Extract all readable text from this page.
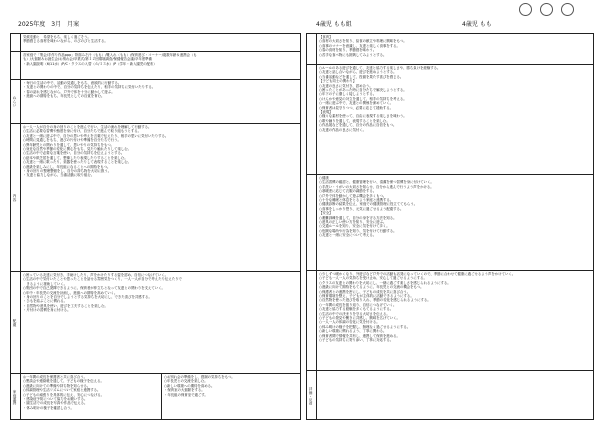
2025年度　3月　月案	4歳児 もも組	4歳児 もも
気候変動と　希望をもち、楽しく過ごそう。
季節感じる食材を味わいながら、のびのびと生活する。
各家庭で「集会/手作り作品ppp」背面みそ汁（もも）/靴入れ（もも）/保育遊び・コーナー/複数年齢＆連携会（も
も）/大掃除＆お誕生会/お別れ会/卒業式/第１２回環境調査/保健報告会議/卒年度準備
・新入園説明（6/11水）/P/C・クラスの入替（６/１３水）/P（学年・新入園児の配布）
ねらい
・毎日の生活の中で、活動の見通しをもち、意欲的に行動する。
・友達との関わりの中で、自分の気持ちを伝えたり、相手の気持ちに気付いたりする。
・春の訪れを感じながら、戸外で体を十分に動かして遊ぶ。
・進級への期待をもち、年長児としての自覚を育む。
内容
◎一人一人が自分の身の回りのことを進んで行い、生活の流れを理解して行動する。
○生活に必要な習慣や態度を身に付け、自分たちで進んで取り組もうとする。
○友達と一緒に遊ぶ中で、自分の思いや考えを言葉で伝えたり、相手の思いに気付いたりする。
○時間に見通しをもち、遊びの片付けや準備を自分たちで行う。
○異年齢児との関わりを通して、思いやりの気持ちをもつ。
○身近な自然や季節の変化に関心をもち、見たり触れたりして楽しむ。
○生活の中で必要な言葉を使い、自分の気持ちを伝えようとする。
○絵本や紙芝居を通して、想像したり表現したりすることを楽しむ。
○友達と一緒に歌ったり、楽器を使ったりして表現することを楽しむ。
○進級を楽しみにし、年長組になることへの期待をもつ。
・身の回りの整理整頓をし、自分の持ち物を大切に扱う。
・友達と協力しながら、当番活動に取り組む。
配慮
○困っている友達に気付き、手助けしたり、声をかけたりする姿を認め、自信につなげていく。
○生活の中で気付いたことや思ったことを話せる雰囲気をつくり、一人一人が自分で考えたり伝えたりで
　きるように援助していく。
○集団の中で自己発揮できるように、保育者が仲立ちとなって友達との関わりを支えていく。
○年中・年長児の交流を計画し、進級への期待を高めていく。
・身の回りのことを自分でしようとする気持ちを大切にし、できた喜びを共感する。
・ひもを結ぶことに慣れる。
・自然物や遊具を使い、遊びを工夫することを楽しむ。
・片付けの習慣を身に付ける。
家庭連携
◎一年間の成長を保護者と共に喜び合う。
○懇談会や連絡帳を通して、子どもの様子を伝える。
○進級に向けての準備や持ち物を知らせる。
○体調管理や生活リズムについて家庭と連携する。
○子どもの頑張りを具体的に伝え、安心につなげる。
・感染症予防について協力をお願いする。
・園生活での成長を写真や作品で伝える。
・休み明けの様子を確認し合う。
○お別れ会の準備をし、感謝の気持ちをもつ。
○年長児との交流を楽しむ。
○新しい環境への期待を高める。
・保育室の大掃除をする。
・年長組の保育室で過ごす。
【食育】
○食材の大切さを知り、給食の献立や料理に興味をもつ。
○食事のマナーを意識し、友達と楽しく食事をする。
○春の食材を知り、季節感を味わう。
○苦手な食べ物にも挑戦してみようとする。
○ルールのある遊びを通して、友達と協力する楽しさや、勝ち負けを経験する。
○友達と話し合いながら、遊びを進めようとする。
○当番活動などを通して、役割を果たす喜びを感じる。
【子ども同士の関わり】
○友達の良さに気付き、認め合う。
○困ったことがあった時に自分たちで解決しようとする。
○年下の子に優しく接しようとする。
○けんかや意見の対立を通して、相手の気持ちを考える。
○一緒に遊ぶ中で、友達との関係を深めていく。
○保育者は見守りつつ、必要に応じて援助する。
【表現】
○様々な素材を使って、自由に表現する楽しさを味わう。
○歌や踊りを通して、表現することを楽しむ。
○作品展などを通して、自分の作品に自信をもつ。
○友達の作品の良さに気付く。
○健康
○生活習慣の確認と、健康管理を行い、清潔を保つ習慣を身に付けていく。
○手洗い・うがいの大切さを知らせ、自分から進んで行うよう声をかける。
○寒暖差に応じて衣服の調節をする。
○戸外で体を動かして遊ぶ機会を多くもつ。
○十分な睡眠と休息をとるよう家庭と連携する。
○健康診断の結果を伝え、家庭での健康管理に役立ててもらう。
○食事をしっかり摂り、元気に過ごせるよう配慮する。
【安全】
○避難訓練を通して、自分の身を守る方法を知る。
○遊具の正しい使い方を知り、安全に遊ぶ。
○交通ルールを知り、安全に気を付けて歩く。
○危険な場所や行為を知り、気を付けて行動する。
○友達と一緒に安全について考える。
○少しずつ暖かくなり、外遊びなど戸外での活動も活発になっていくので、季節に合わせて健康に過ごせるよう声をかけていく。
○子ども一人一人の気持ちを受け止め、安心して過ごせるようにする。
○クラスの友達との関わりを大切にし、一緒に過ごす楽しさを感じられるようにする。
○進級に向けて期待をもてるように、年長児との交流の機会をもつ。
○保護者との連携を密にし、子どもの成長を共に喜び合う。
○保育環境を整え、子どもが主体的に活動できるようにする。
○自然物を使った遊びを取り入れ、季節の変化を感じられるようにする。
○一年間の成長を振り返り、自信につなげていく。
○友達と協力する経験を多くもてるようにする。
○生活の中での決まりを守る大切さを伝える。
○子どもの発見や驚きに共感し、興味を広げていく。
○一人一人の体調の変化に気を付ける。
○休み明けの様子を把握し、無理なく過ごせるようにする。
○新しい環境に慣れるよう、丁寧に関わる。
○保育者間で情報を共有し、連携して保育を進める。
○子どもの気持ちに寄り添い、丁寧に対応する。
評価・反省
